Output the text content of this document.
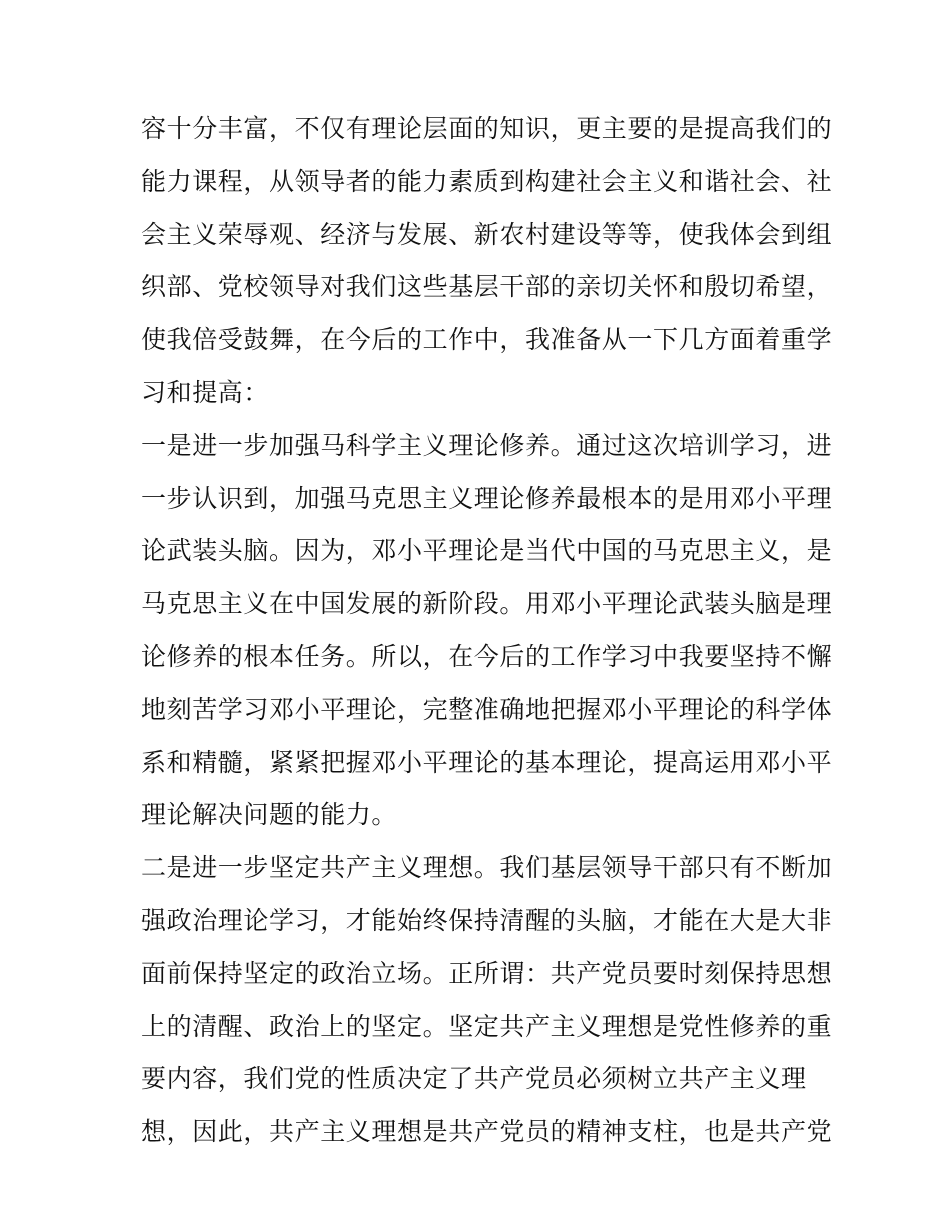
容十分丰富，不仅有理论层面的知识，更主要的是提高我们的
能力课程，从领导者的能力素质到构建社会主义和谐社会、社
会主义荣辱观、经济与发展、新农村建设等等，使我体会到组
织部、党校领导对我们这些基层干部的亲切关怀和殷切希望，
使我倍受鼓舞，在今后的工作中，我准备从一下几方面着重学
习和提高：
一是进一步加强马科学主义理论修养。通过这次培训学习，进
一步认识到，加强马克思主义理论修养最根本的是用邓小平理
论武装头脑。因为，邓小平理论是当代中国的马克思主义，是
马克思主义在中国发展的新阶段。用邓小平理论武装头脑是理
论修养的根本任务。所以，在今后的工作学习中我要坚持不懈
地刻苦学习邓小平理论，完整准确地把握邓小平理论的科学体
系和精髓，紧紧把握邓小平理论的基本理论，提高运用邓小平
理论解决问题的能力。
二是进一步坚定共产主义理想。我们基层领导干部只有不断加
强政治理论学习，才能始终保持清醒的头脑，才能在大是大非
面前保持坚定的政治立场。正所谓：共产党员要时刻保持思想
上的清醒、政治上的坚定。坚定共产主义理想是党性修养的重
要内容，我们党的性质决定了共产党员必须树立共产主义理
想，因此，共产主义理想是共产党员的精神支柱，也是共产党
